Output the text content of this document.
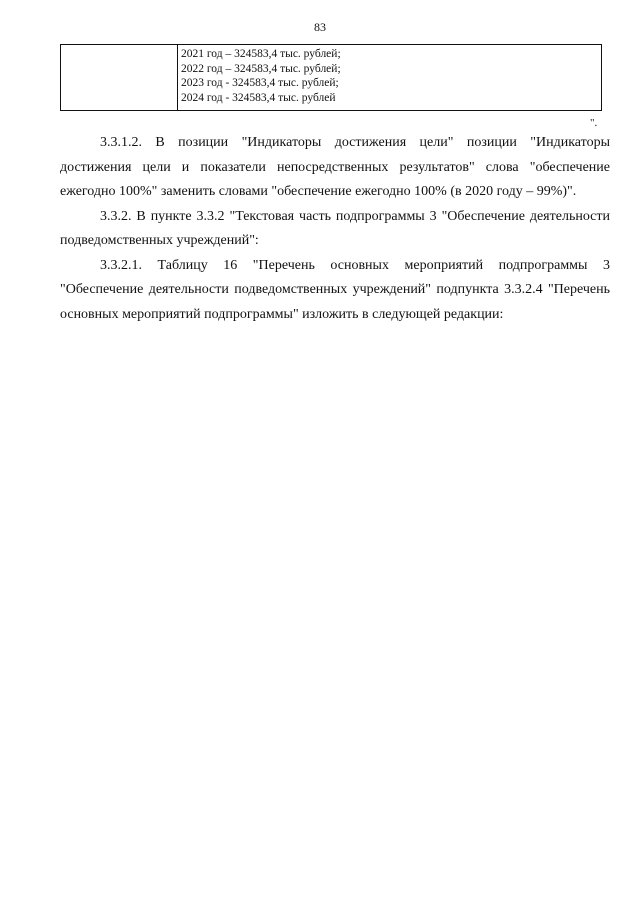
83

2021 год – 324583,4 тыс. рублей;
2022 год – 324583,4 тыс. рублей;
2023 год - 324583,4 тыс. рублей;
2024 год - 324583,4 тыс. рублей
".

3.3.1.2. В позиции "Индикаторы достижения цели" позиции "Индикаторы достижения цели и показатели непосредственных результатов" слова "обеспечение ежегодно 100%" заменить словами "обеспечение ежегодно 100% (в 2020 году – 99%)".

3.3.2. В пункте 3.3.2 "Текстовая часть подпрограммы 3 "Обеспечение деятельности подведомственных учреждений":

3.3.2.1. Таблицу 16 "Перечень основных мероприятий подпрограммы 3 "Обеспечение деятельности подведомственных учреждений" подпункта 3.3.2.4 "Перечень основных мероприятий подпрограммы" изложить в следующей редакции:
